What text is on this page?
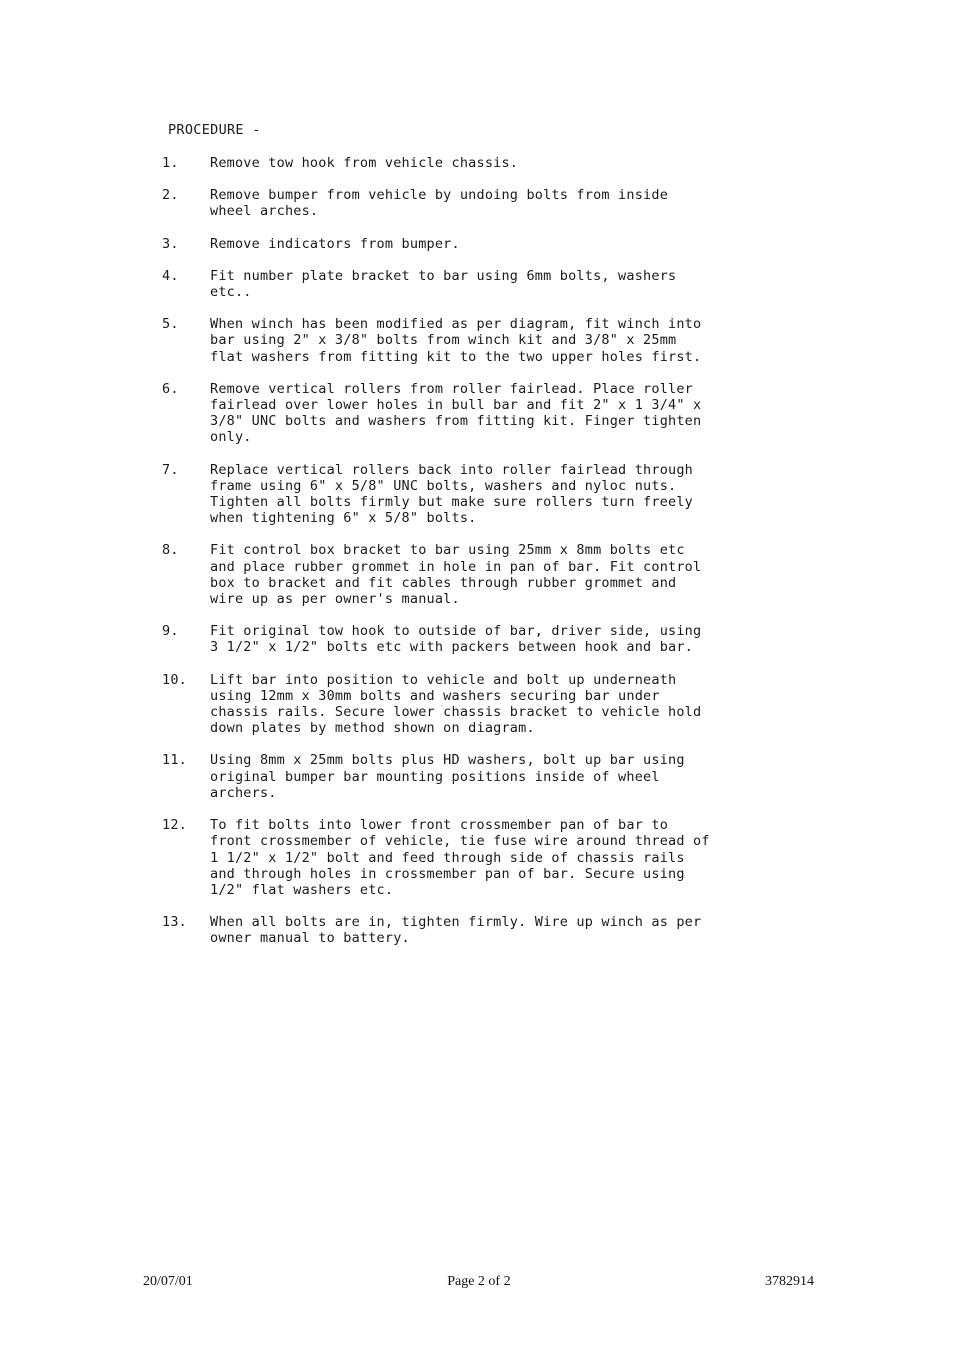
PROCEDURE -
1.	Remove tow hook from vehicle chassis.
2.	Remove bumper from vehicle by undoing bolts from inside
wheel arches.
3.	Remove indicators from bumper.
4.	Fit number plate bracket to bar using 6mm bolts, washers
etc..
5.	When winch has been modified as per diagram, fit winch into
bar using 2" x 3/8" bolts from winch kit and 3/8" x 25mm
flat washers from fitting kit to the two upper holes first.
6.	Remove vertical rollers from roller fairlead. Place roller
fairlead over lower holes in bull bar and fit 2" x 1 3/4" x
3/8" UNC bolts and washers from fitting kit. Finger tighten
only.
7.	Replace vertical rollers back into roller fairlead through
frame using 6" x 5/8" UNC bolts, washers and nyloc nuts.
Tighten all bolts firmly but make sure rollers turn freely
when tightening 6" x 5/8" bolts.
8.	Fit control box bracket to bar using 25mm x 8mm bolts etc
and place rubber grommet in hole in pan of bar. Fit control
box to bracket and fit cables through rubber grommet and
wire up as per owner's manual.
9.	Fit original tow hook to outside of bar, driver side, using
3 1/2" x 1/2" bolts etc with packers between hook and bar.
10.	Lift bar into position to vehicle and bolt up underneath
using 12mm x 30mm bolts and washers securing bar under
chassis rails. Secure lower chassis bracket to vehicle hold
down plates by method shown on diagram.
11.	Using 8mm x 25mm bolts plus HD washers, bolt up bar using
original bumper bar mounting positions inside of wheel
archers.
12.	To fit bolts into lower front crossmember pan of bar to
front crossmember of vehicle, tie fuse wire around thread of
1 1/2" x 1/2" bolt and feed through side of chassis rails
and through holes in crossmember pan of bar. Secure using
1/2" flat washers etc.
13.	When all bolts are in, tighten firmly. Wire up winch as per
owner manual to battery.
20/07/01	Page 2 of 2	3782914
